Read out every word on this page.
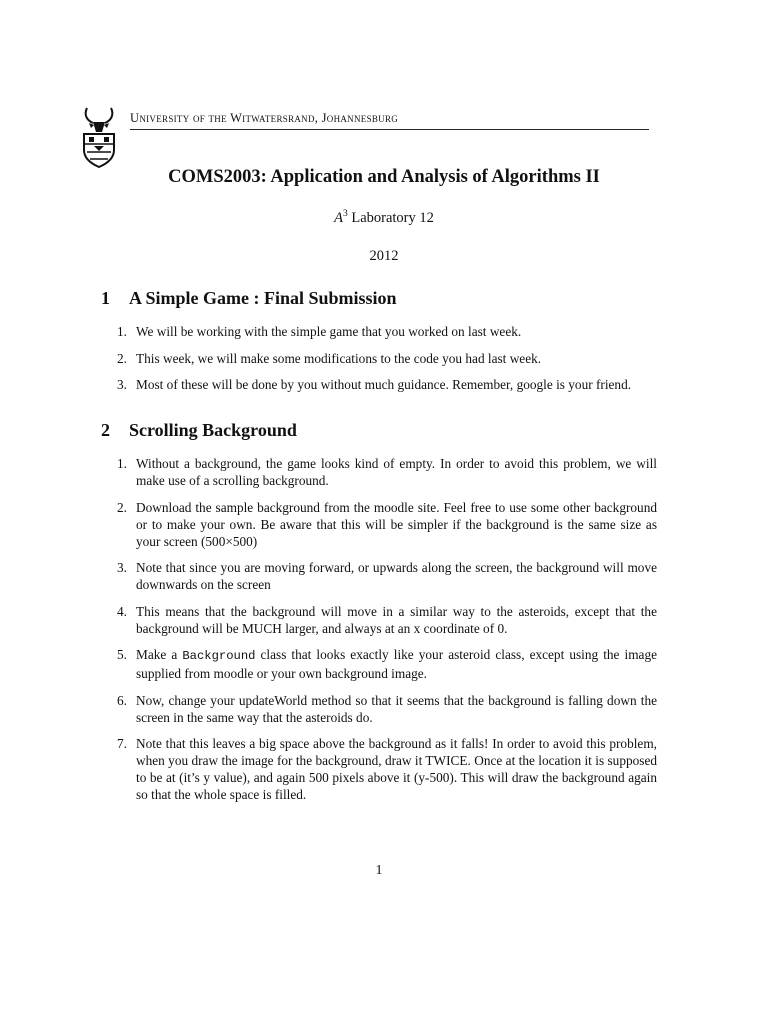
University of the Witwatersrand, Johannesburg
COMS2003: Application and Analysis of Algorithms II
$A^3$ Laboratory 12
2012
1 A Simple Game : Final Submission
1. We will be working with the simple game that you worked on last week.
2. This week, we will make some modifications to the code you had last week.
3. Most of these will be done by you without much guidance. Remember, google is your friend.
2 Scrolling Background
1. Without a background, the game looks kind of empty. In order to avoid this problem, we will make use of a scrolling background.
2. Download the sample background from the moodle site. Feel free to use some other background or to make your own. Be aware that this will be simpler if the background is the same size as your screen (500×500)
3. Note that since you are moving forward, or upwards along the screen, the background will move downwards on the screen
4. This means that the background will move in a similar way to the asteroids, except that the background will be MUCH larger, and always at an x coordinate of 0.
5. Make a Background class that looks exactly like your asteroid class, except using the image supplied from moodle or your own background image.
6. Now, change your updateWorld method so that it seems that the background is falling down the screen in the same way that the asteroids do.
7. Note that this leaves a big space above the background as it falls! In order to avoid this problem, when you draw the image for the background, draw it TWICE. Once at the location it is supposed to be at (it’s y value), and again 500 pixels above it (y-500). This will draw the background again so that the whole space is filled.
1
